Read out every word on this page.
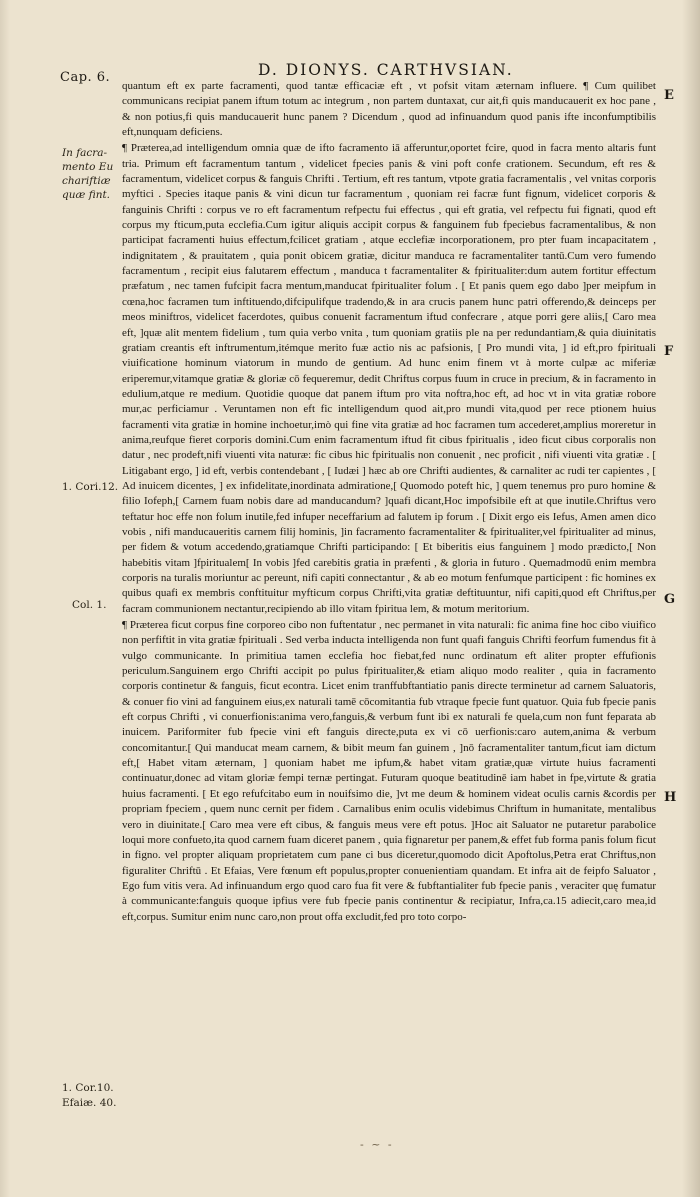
Cap. 6.	D. DIONYS. CARTHVSIAN.
E
F
G
H
In facra-
mento Eu
chariftiæ
quæ fint.
1. Cori.12.
Col. 1.
1. Cor.10.
Efaiæ. 40.

quantum eft ex parte facramenti, quod tantæ efficaciæ eft , vt pofsit vitam æternam influere. ¶ Cum quilibet communicans recipiat panem iftum totum ac integrum , non partem duntaxat, cur ait,fi quis manducauerit ex hoc pane , & non potius,fi quis manducauerit hunc panem ? Dicendum , quod ad infinuandum quod panis ifte inconfumptibilis eft,nunquam deficiens.

¶ Præterea,ad intelligendum omnia quæ de ifto facramento iā afferuntur,oportet fcire, quod in facra mento altaris funt tria. Primum eft facramentum tantum , videlicet fpecies panis & vini poft confe crationem. Secundum, eft res & facramentum, videlicet corpus & fanguis Chrifti . Tertium, eft res tantum, vtpote gratia facramentalis , vel vnitas corporis myftici . Species itaque panis & vini dicun tur facramentum , quoniam rei facræ funt fignum, videlicet corporis & fanguinis Chrifti : corpus ve ro eft facramentum refpectu fui effectus , qui eft gratia, vel refpectu fui fignati, quod eft corpus my fticum,puta ecclefia.Cum igitur aliquis accipit corpus & fanguinem fub fpeciebus facramentalibus, & non participat facramenti huius effectum,fcilicet gratiam , atque ecclefiæ incorporationem, pro pter fuam incapacitatem , indignitatem , & prauitatem , quia ponit obicem gratiæ, dicitur manduca re facramentaliter tantū.Cum vero fumendo facramentum , recipit eius falutarem effectum , manduca t facramentaliter & fpiritualiter:dum autem fortitur effectum præfatum , nec tamen fufcipit facra mentum,manducat fpiritualiter folum . [ Et panis quem ego dabo ]per meipfum in cœna,hoc facramen tum inftituendo,difcipulifque tradendo,& in ara crucis panem hunc patri offerendo,& deinceps per meos miniftros, videlicet facerdotes, quibus conuenit facramentum iftud confecrare , atque porri gere aliis,[ Caro mea eft, ]quæ alit mentem fidelium , tum quia verbo vnita , tum quoniam gratiis ple na per redundantiam,& quia diuinitatis gratiam creantis eft inftrumentum,itémque merito fuæ actio nis ac pafsionis, [ Pro mundi vita, ] id eft,pro fpirituali viuificatione hominum viatorum in mundo de gentium. Ad hunc enim finem vt à morte culpæ ac miferiæ eriperemur,vitamque gratiæ & gloriæ cō fequeremur, dedit Chriftus corpus fuum in cruce in precium, & in facramento in edulium,atque re medium. Quotidie quoque dat panem iftum pro vita noftra,hoc eft, ad hoc vt in vita gratiæ robore mur,ac perficiamur . Veruntamen non eft fic intelligendum quod ait,pro mundi vita,quod per rece ptionem huius facramenti vita gratiæ in homine inchoetur,imò qui fine vita gratiæ ad hoc facramen tum accederet,amplius moreretur in anima,reufque fieret corporis domini.Cum enim facramentum iftud fit cibus fpiritualis , ideo ficut cibus corporalis non datur , nec prodeft,nifi viuenti vita naturæ: fic cibus hic fpiritualis non conuenit , nec proficit , nifi viuenti vita gratiæ . [ Litigabant ergo, ] id eft, verbis contendebant , [ Iudæi ] hæc ab ore Chrifti audientes, & carnaliter ac rudi ter capientes , [ Ad inuicem dicentes, ] ex infidelitate,inordinata admiratione,[ Quomodo poteft hic, ] quem tenemus pro puro homine & filio Iofeph,[ Carnem fuam nobis dare ad manducandum? ]quafi dicant,Hoc impofsibile eft at que inutile.Chriftus vero teftatur hoc effe non folum inutile,fed infuper neceffarium ad falutem ip forum . [ Dixit ergo eis Iefus, Amen amen dico vobis , nifi manducaueritis carnem filij hominis, ]in facramento facramentaliter & fpiritualiter,vel fpiritualiter ad minus, per fidem & votum accedendo,gratiamque Chrifti participando: [ Et biberitis eius fanguinem ] modo prædicto,[ Non habebitis vitam ]fpiritualem[ In vobis ]fed carebitis gratia in præfenti , & gloria in futuro . Quemadmodū enim membra corporis na turalis moriuntur ac pereunt, nifi capiti connectantur , & ab eo motum fenfumque participent : fic homines ex quibus quafi ex membris conftituitur myfticum corpus Chrifti,vita gratiæ deftituuntur, nifi capiti,quod eft Chriftus,per facram communionem nectantur,recipiendo ab illo vitam fpiritua lem, & motum meritorium.

¶ Præterea ficut corpus fine corporeo cibo non fuftentatur , nec permanet in vita naturali: fic anima fine hoc cibo viuifico non perfiftit in vita gratiæ fpirituali . Sed verba inducta intelligenda non funt quafi fanguis Chrifti feorfum fumendus fit à vulgo communicante. In primitiua tamen ecclefia hoc fiebat,fed nunc ordinatum eft aliter propter effufionis periculum.Sanguinem ergo Chrifti accipit po pulus fpiritualiter,& etiam aliquo modo realiter , quia in facramento corporis continetur & fanguis, ficut econtra. Licet enim tranffubftantiatio panis directe terminetur ad carnem Saluatoris, & conuer fio vini ad fanguinem eius,ex naturali tamē cōcomitantia fub vtraque fpecie funt quatuor. Quia fub fpecie panis eft corpus Chrifti , vi conuerfionis:anima vero,fanguis,& verbum funt ibi ex naturali fe quela,cum non funt feparata ab inuicem. Pariformiter fub fpecie vini eft fanguis directe,puta ex vi cō uerfionis:caro autem,anima & verbum concomitantur.[ Qui manducat meam carnem, & bibit meum fan guinem , ]nō facramentaliter tantum,ficut iam dictum eft,[ Habet vitam æternam, ] quoniam habet me ipfum,& habet vitam gratiæ,quæ virtute huius facramenti continuatur,donec ad vitam gloriæ fempi ternæ pertingat. Futuram quoque beatitudinē iam habet in fpe,virtute & gratia huius facramenti. [ Et ego refufcitabo eum in nouifsimo die, ]vt me deum & hominem videat oculis carnis &cordis per propriam fpeciem , quem nunc cernit per fidem . Carnalibus enim oculis videbimus Chriftum in humanitate, mentalibus vero in diuinitate.[ Caro mea vere eft cibus, & fanguis meus vere eft potus. ]Hoc ait Saluator ne putaretur parabolice loqui more confueto,ita quod carnem fuam diceret panem , quia fignaretur per panem,& effet fub forma panis folum ficut in figno. vel propter aliquam proprietatem cum pane ci bus diceretur,quomodo dicit Apoftolus,Petra erat Chriftus,non figuraliter Chriftū . Et Efaias, Vere fœnum eft populus,propter conuenientiam quandam. Et infra ait de feipfo Saluator , Ego fum vitis vera. Ad infinuandum ergo quod caro fua fit vere & fubftantialiter fub fpecie panis , veraciter quę fumatur à communicante:fanguis quoque ipfius vere fub fpecie panis continentur & recipiatur, Infra,ca.15 adiecit,caro mea,id eft,corpus. Sumitur enim nunc caro,non prout offa excludit,fed pro toto corpo-

- ~ -
